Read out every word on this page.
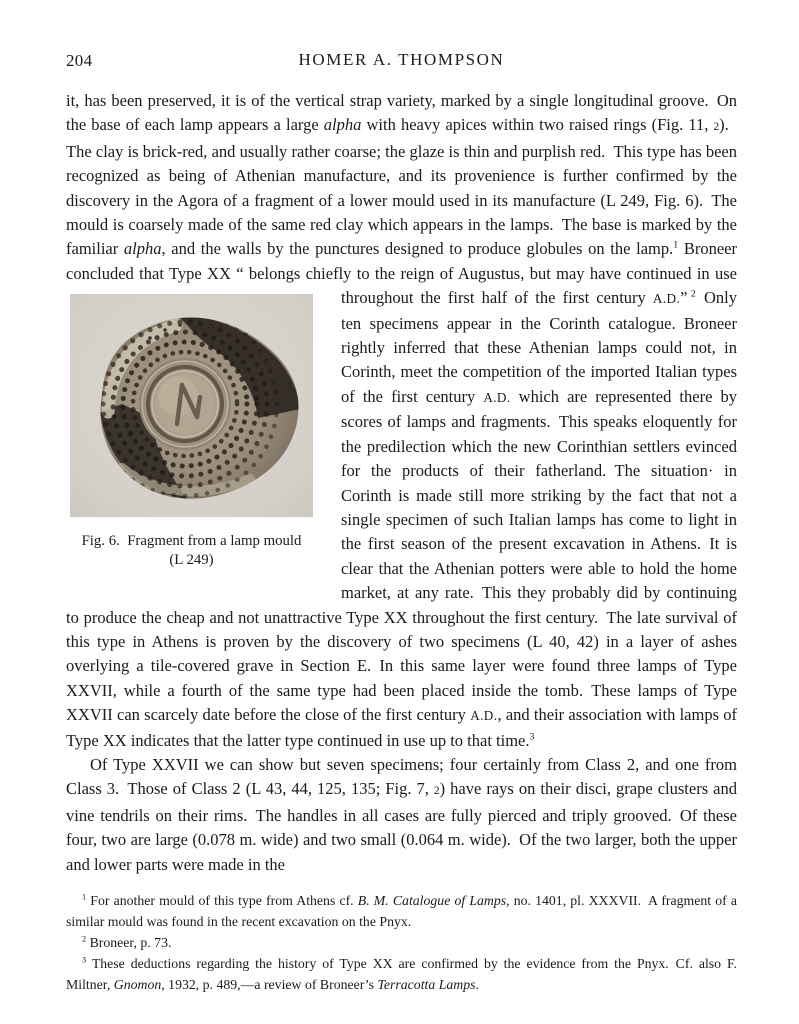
204	HOMER A. THOMPSON

it, has been preserved, it is of the vertical strap variety, marked by a single longitudinal groove. On the base of each lamp appears a large alpha with heavy apices within two raised rings (Fig. 11, 2). The clay is brick-red, and usually rather coarse; the glaze is thin and purplish red. This type has been recognized as being of Athenian manufacture, and its provenience is further confirmed by the discovery in the Agora of a fragment of a lower mould used in its manufacture (L 249, Fig. 6). The mould is coarsely made of the same red clay which appears in the lamps. The base is marked by the familiar alpha, and the walls by the punctures designed to produce globules on the lamp.$^1$ Broneer concluded that Type XX “ belongs chiefly to the reign of Augustus, but may
Fig. 6. Fragment from a lamp mould
(L 249)
have continued in use throughout the first half of the first century A.D.” $^2$ Only ten specimens appear in the Corinth catalogue. Broneer rightly inferred that these Athenian lamps could not, in Corinth, meet the competition of the imported Italian types of the first century A.D. which are represented there by scores of lamps and fragments. This speaks eloquently for the predilection which the new Corinthian settlers evinced for the products of their fatherland. The situation· in Corinth is made still more striking by the fact that not a single specimen of such Italian lamps has come to light in the first season of the present excavation in Athens. It is clear that the Athenian potters were able to hold the home market, at any rate. This they probably did by continuing to produce the cheap and not unattractive Type XX throughout the first century. The late survival of this type in Athens is proven by the discovery of two specimens (L 40, 42) in a layer of ashes overlying a tile-covered grave in Section E. In this same layer were found three lamps of Type XXVII, while a fourth of the same type had been placed inside the tomb. These lamps of Type XXVII can scarcely date before the close of the first century A.D., and their association with lamps of Type XX indicates that the latter type continued in use up to that time.$^3$

Of Type XXVII we can show but seven specimens; four certainly from Class 2, and one from Class 3. Those of Class 2 (L 43, 44, 125, 135; Fig. 7, 2) have rays on their disci, grape clusters and vine tendrils on their rims. The handles in all cases are fully pierced and triply grooved. Of these four, two are large (0.078 m. wide) and two small (0.064 m. wide). Of the two larger, both the upper and lower parts were made in the

$^1$ For another mould of this type from Athens cf. B. M. Catalogue of Lamps, no. 1401, pl. XXXVII. A fragment of a similar mould was found in the recent excavation on the Pnyx.

$^2$ Broneer, p. 73.

$^3$ These deductions regarding the history of Type XX are confirmed by the evidence from the Pnyx. Cf. also F. Miltner, Gnomon, 1932, p. 489,—a review of Broneer’s Terracotta Lamps.
